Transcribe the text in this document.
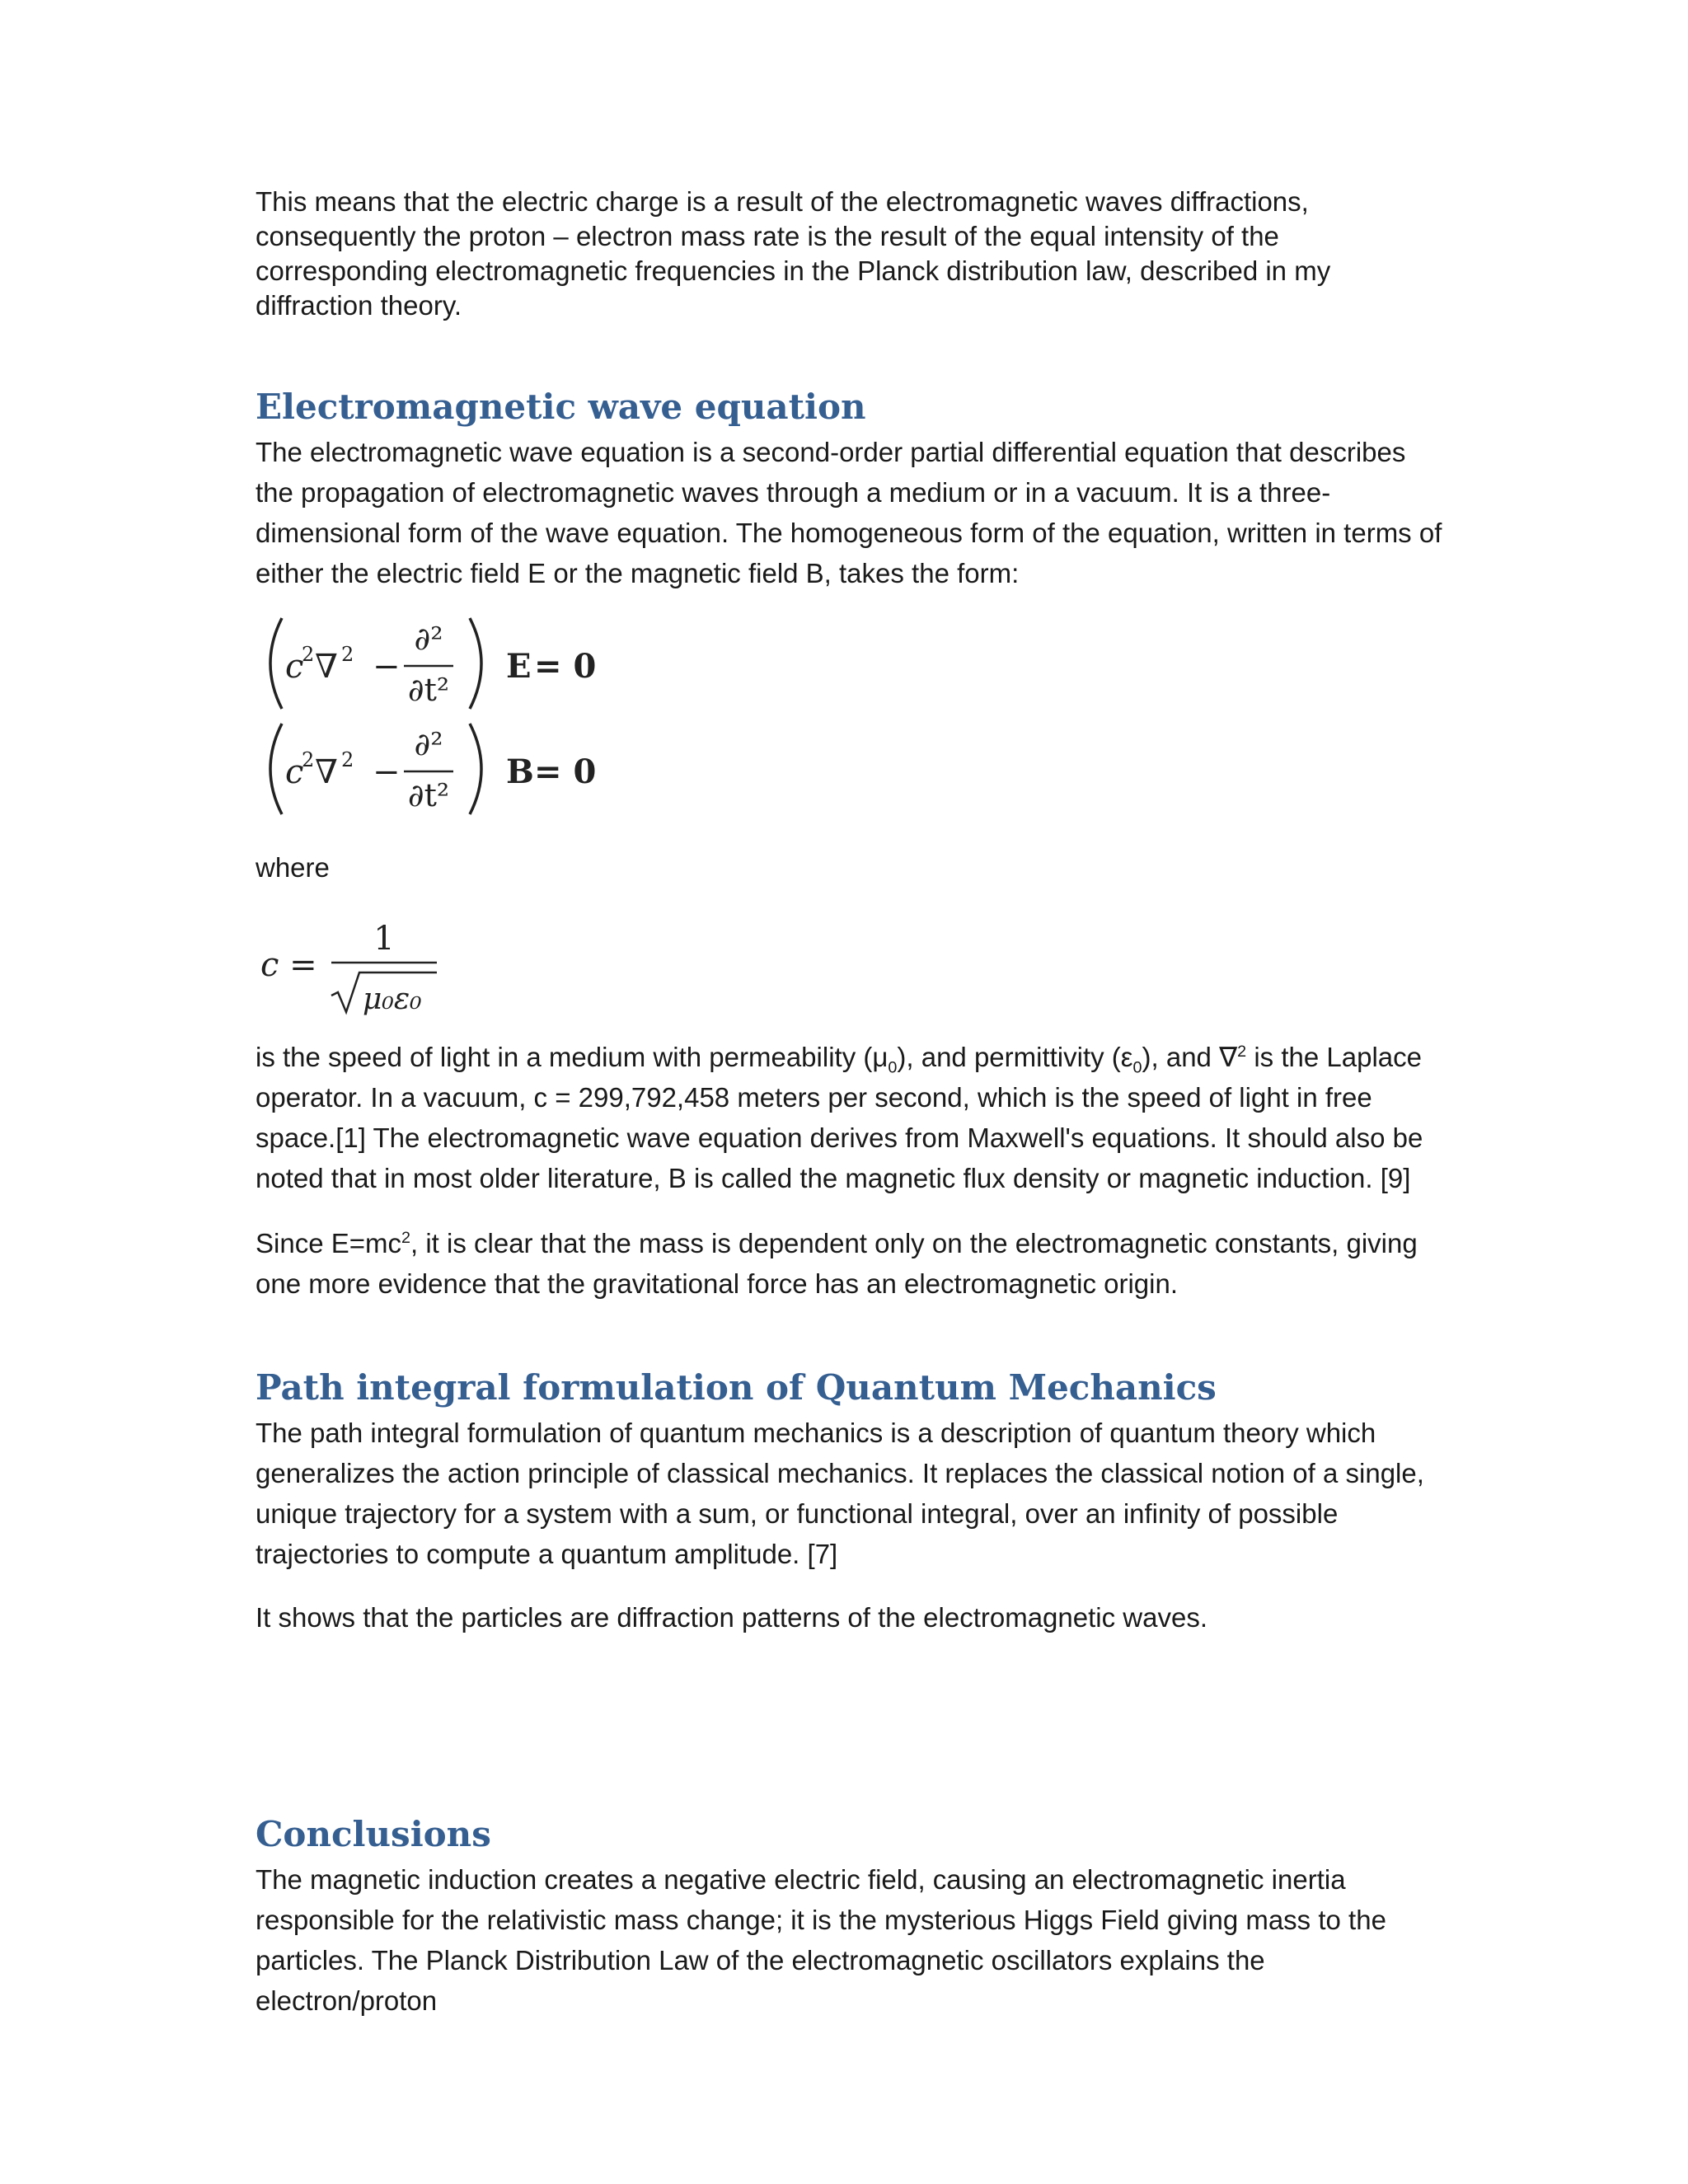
This means that the electric charge is a result of the electromagnetic waves diffractions, consequently the proton – electron mass rate is the result of the equal intensity of the corresponding electromagnetic frequencies in the Planck distribution law, described in my diffraction theory.

Electromagnetic wave equation

The electromagnetic wave equation is a second-order partial differential equation that describes the propagation of electromagnetic waves through a medium or in a vacuum. It is a three-dimensional form of the wave equation. The homogeneous form of the equation, written in terms of either the electric field E or the magnetic field B, takes the form:

c
2 ∇ 2 −
∂²
∂t²
E = 0
c
2 ∇ 2 −
∂²
∂t²
B = 0

where

c =
1
μ₀ε₀

is the speed of light in a medium with permeability $(\mu_0)$, and permittivity $(\varepsilon_0)$, and ∇$^2$ is the Laplace operator. In a vacuum, c = 299,792,458 meters per second, which is the speed of light in free space.[1] The electromagnetic wave equation derives from Maxwell's equations. It should also be noted that in most older literature, B is called the magnetic flux density or magnetic induction. [9]

Since $E=mc^2$, it is clear that the mass is dependent only on the electromagnetic constants, giving one more evidence that the gravitational force has an electromagnetic origin.

Path integral formulation of Quantum Mechanics

The path integral formulation of quantum mechanics is a description of quantum theory which generalizes the action principle of classical mechanics. It replaces the classical notion of a single, unique trajectory for a system with a sum, or functional integral, over an infinity of possible trajectories to compute a quantum amplitude. [7]

It shows that the particles are diffraction patterns of the electromagnetic waves.

Conclusions

The magnetic induction creates a negative electric field, causing an electromagnetic inertia responsible for the relativistic mass change; it is the mysterious Higgs Field giving mass to the particles. The Planck Distribution Law of the electromagnetic oscillators explains the electron/proton
